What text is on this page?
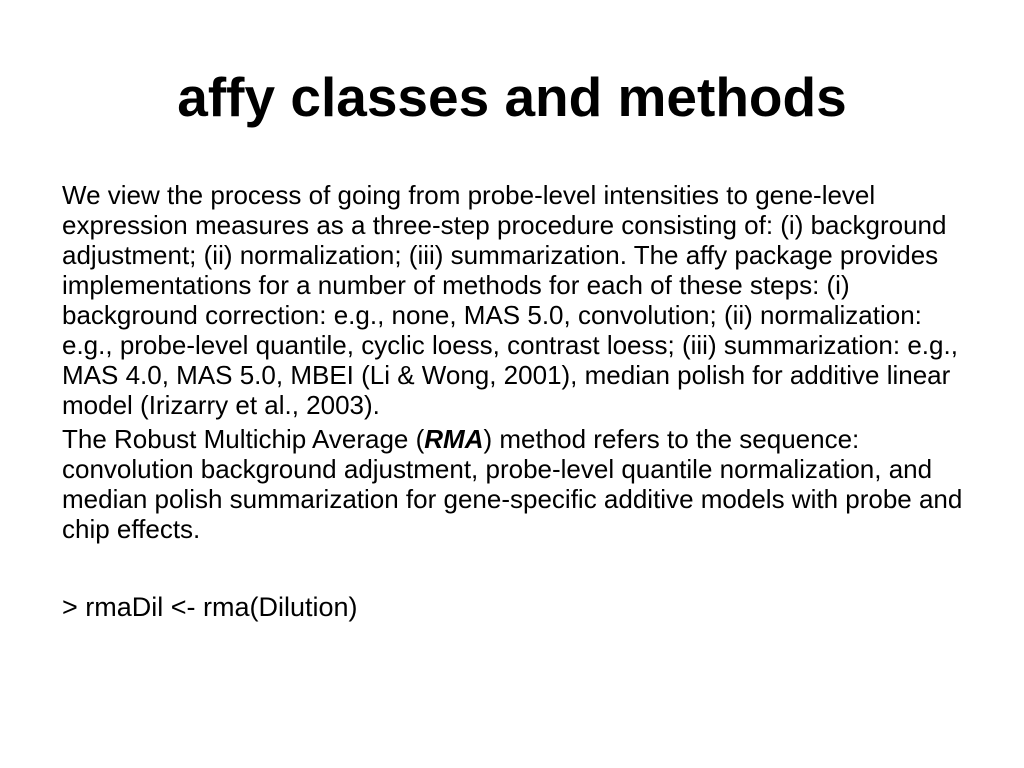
affy classes and methods

We view the process of going from probe-level intensities to gene-level expression measures as a three-step procedure consisting of: (i) background adjustment; (ii) normalization; (iii) summarization. The affy package provides implementations for a number of methods for each of these steps: (i) background correction: e.g., none, MAS 5.0, convolution; (ii) normalization: e.g., probe-level quantile, cyclic loess, contrast loess; (iii) summarization: e.g., MAS 4.0, MAS 5.0, MBEI (Li & Wong, 2001), median polish for additive linear model (Irizarry et al., 2003).

The Robust Multichip Average (RMA) method refers to the sequence: convolution background adjustment, probe-level quantile normalization, and median polish summarization for gene-specific additive models with probe and chip effects.

> rmaDil <- rma(Dilution)
